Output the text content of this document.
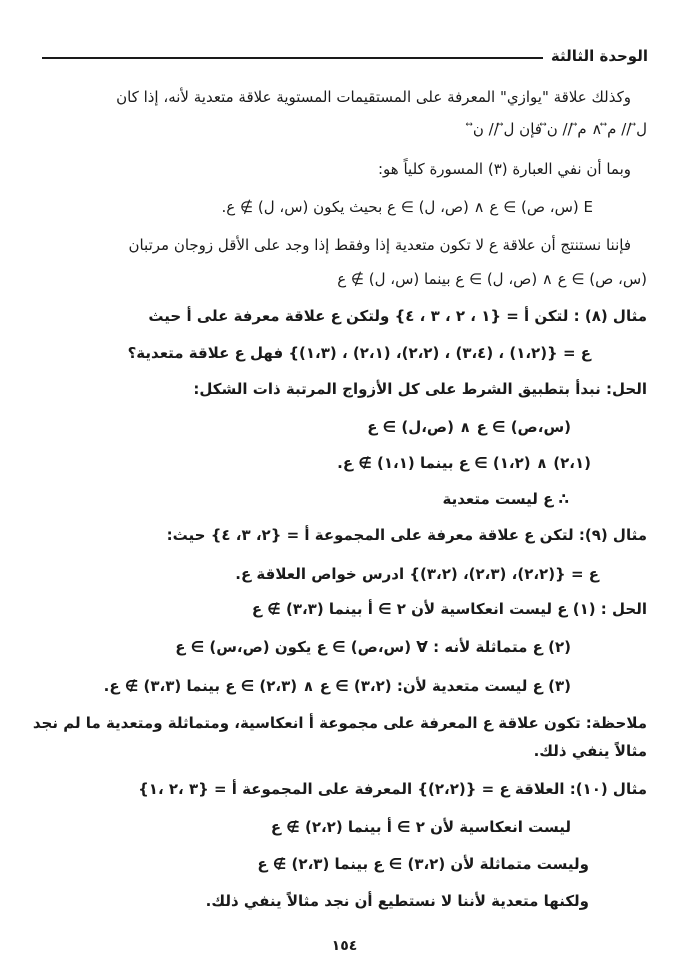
الوحدة الثالثة
وكذلك علاقة "يوازي" المعرفة على المستقيمات المستوية علاقة متعدية لأنه، إذا كان
ل⃡ // م⃡ ∧ م⃡ // ن⃡ فإن ل⃡ // ن⃡
وبما أن نفي العبارة (٣) المسورة كلياً هو:
E (س، ص) ∋ ع ∧ (ص، ل) ∋ ع بحيث يكون (س، ل) ∌ ع.
فإننا نستنتج أن علاقة ع لا تكون متعدية إذا وفقط إذا وجد على الأقل زوجان مرتبان
(س، ص) ∋ ع ∧ (ص، ل) ∋ ع بينما (س، ل) ∌ ع
مثال (٨) : لتكن أ = {١ ، ٢ ، ٣ ، ٤} ولتكن ع علاقة معرفة على أ حيث
ع = {(١،٢) ، (٣،٤) ، (٢،٢)، (٢،١) ، (١،٣)} فهل ع علاقة متعدية؟
الحل: نبدأ بتطبيق الشرط على كل الأزواج المرتبة ذات الشكل:
(س،ص) ∋ ع ∧ (ص،ل) ∋ ع
(٢،١) ∧ (١،٢) ∋ ع بينما (١،١) ∌ ع.
∴ ع ليست متعدية
مثال (٩): لتكن ع علاقة معرفة على المجموعة أ = {٢، ٣، ٤} حيث:
ع = {(٢،٢)، (٢،٣)، (٣،٢)} ادرس خواص العلاقة ع.
الحل : (١) ع ليست انعكاسية لأن ٢ ∋ أ بينما (٣،٣) ∌ ع
(٢) ع متماثلة لأنه : ∀ (س،ص) ∋ ع يكون (ص،س) ∋ ع
(٣) ع ليست متعدية لأن: (٣،٢) ∋ ع ∧ (٢،٣) ∋ ع بينما (٣،٣) ∌ ع.
ملاحظة: تكون علاقة ع المعرفة على مجموعة أ انعكاسية، ومتماثلة ومتعدية ما لم نجد
مثالاً ينفي ذلك.
مثال (١٠): العلاقة ع = {(٢،٢)} المعرفة على المجموعة أ = {٣ ،٢ ،١}
ليست انعكاسية لأن ٢ ∋ أ بينما (٢،٢) ∌ ع
وليست متماثلة لأن (٣،٢) ∋ ع بينما (٢،٣) ∌ ع
ولكنها متعدية لأننا لا نستطيع أن نجد مثالاً ينفي ذلك.
١٥٤
